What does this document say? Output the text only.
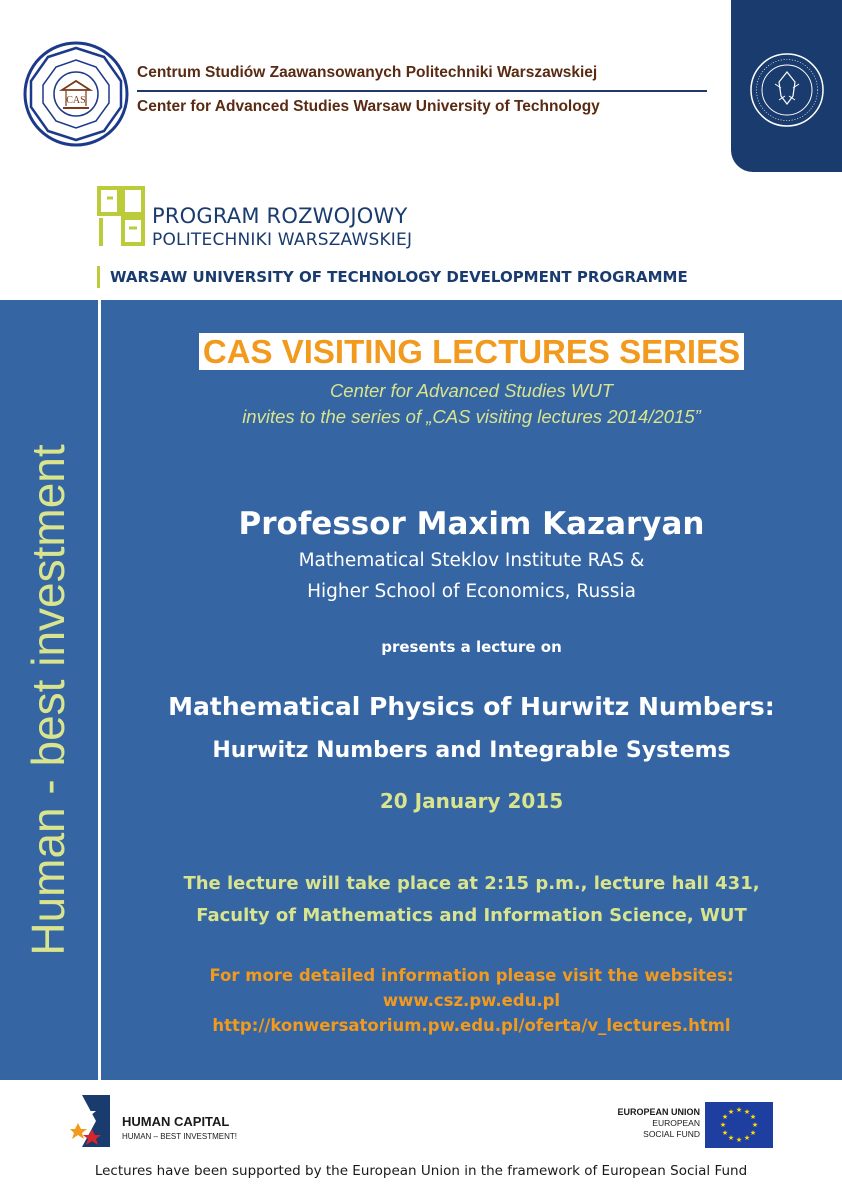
CAS
Centrum Studiów Zaawansowanych Politechniki Warszawskiej
Center for Advanced Studies Warsaw University of Technology
PROGRAM ROZWOJOWY
POLITECHNIKI WARSZAWSKIEJ
WARSAW UNIVERSITY OF TECHNOLOGY DEVELOPMENT PROGRAMME
Human - best investment
CAS VISITING LECTURES SERIES
Center for Advanced Studies WUT
invites to the series of „CAS visiting lectures 2014/2015”
Professor Maxim Kazaryan
Mathematical Steklov Institute RAS &
Higher School of Economics, Russia
presents a lecture on
Mathematical Physics of Hurwitz Numbers:
Hurwitz Numbers and Integrable Systems
20 January 2015
The lecture will take place at 2:15 p.m., lecture hall 431,
Faculty of Mathematics and Information Science, WUT
For more detailed information please visit the websites:
www.csz.pw.edu.pl
http://konwersatorium.pw.edu.pl/oferta/v_lectures.html
HUMAN CAPITAL
HUMAN – BEST INVESTMENT!
EUROPEAN UNION
EUROPEAN
SOCIAL FUND
★ ★
★
★
★
★
★
★
★
★
★
★
Lectures have been supported by the European Union in the framework of European Social Fund
